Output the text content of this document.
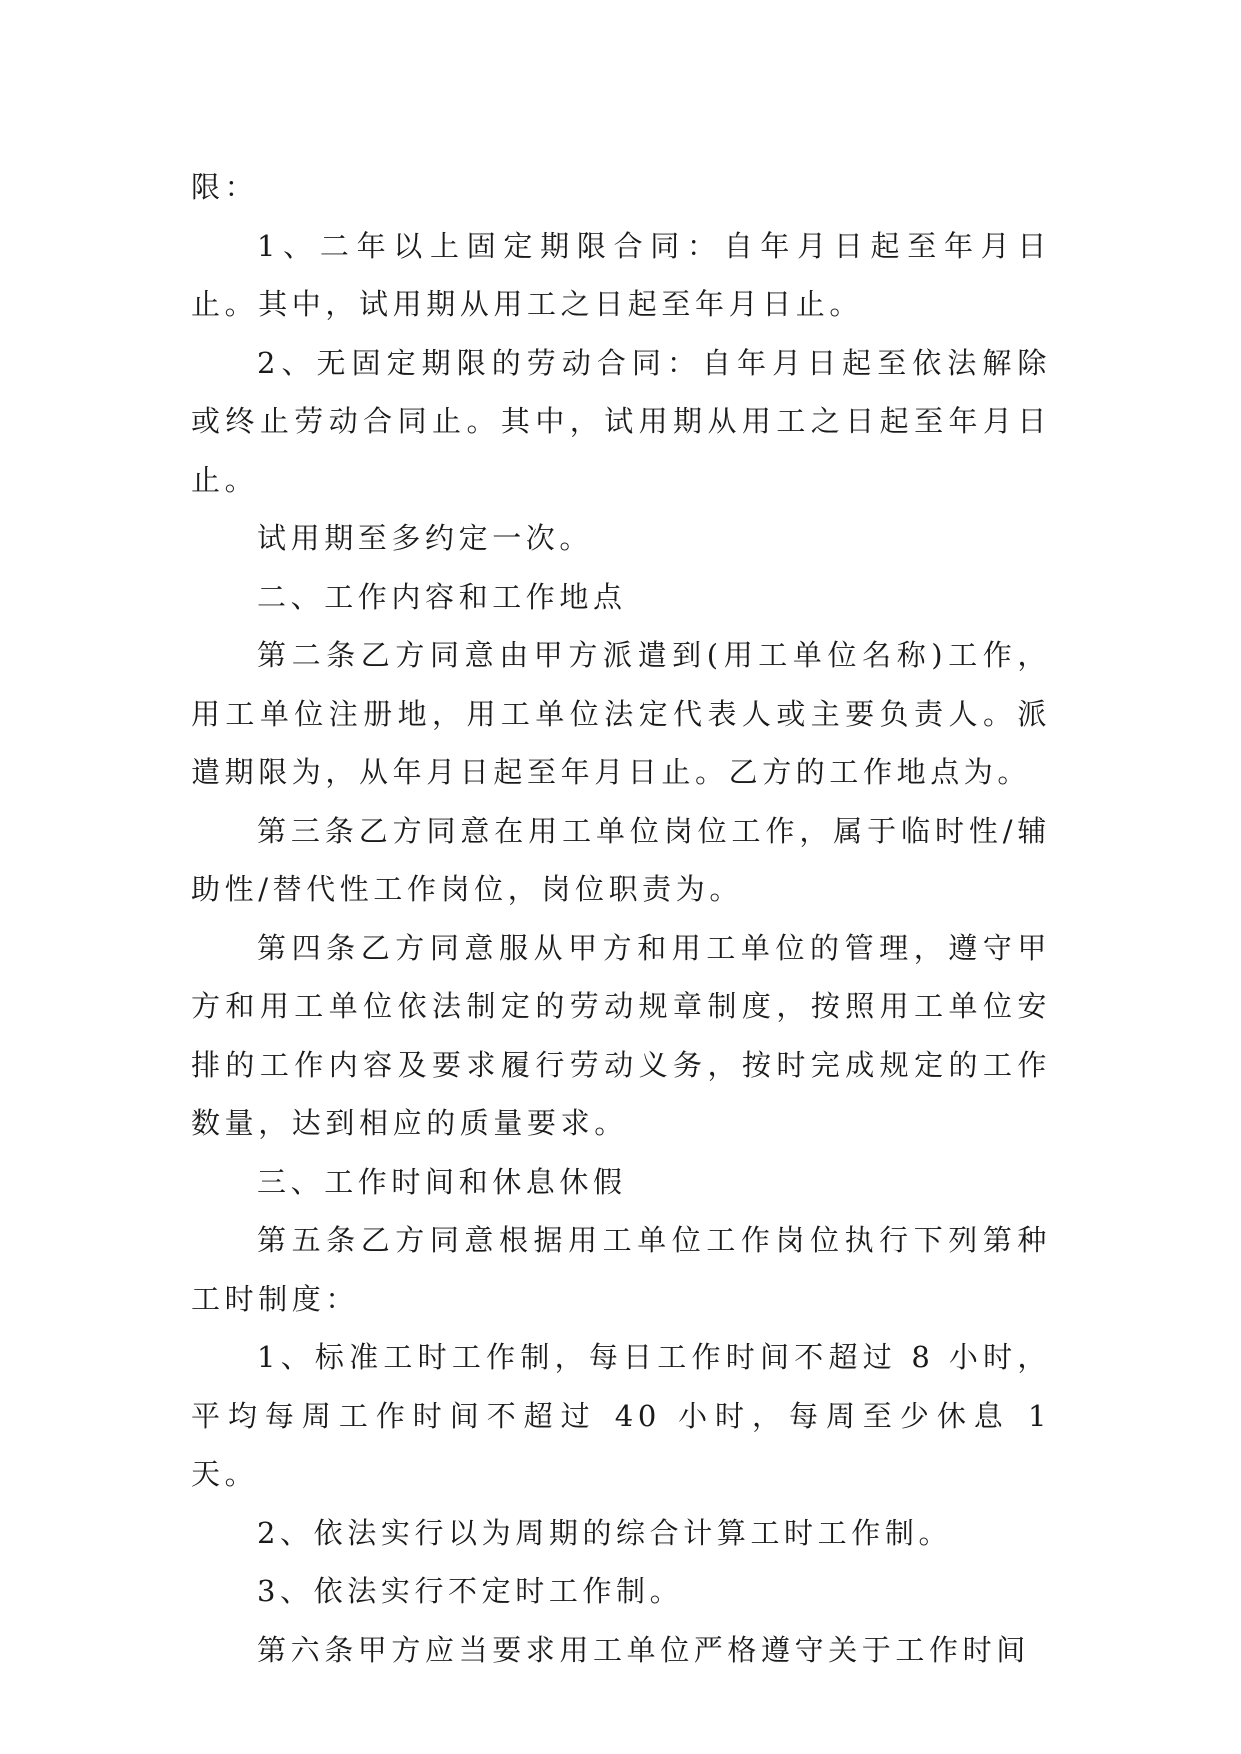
限：

1、二年以上固定期限合同：自年月日起至年月日止。其中，试用期从用工之日起至年月日止。

2、无固定期限的劳动合同：自年月日起至依法解除或终止劳动合同止。其中，试用期从用工之日起至年月日止。

试用期至多约定一次。

二、工作内容和工作地点

第二条乙方同意由甲方派遣到(用工单位名称)工作，用工单位注册地，用工单位法定代表人或主要负责人。派遣期限为，从年月日起至年月日止。乙方的工作地点为。

第三条乙方同意在用工单位岗位工作，属于临时性/辅助性/替代性工作岗位，岗位职责为。

第四条乙方同意服从甲方和用工单位的管理，遵守甲方和用工单位依法制定的劳动规章制度，按照用工单位安排的工作内容及要求履行劳动义务，按时完成规定的工作数量，达到相应的质量要求。

三、工作时间和休息休假

第五条乙方同意根据用工单位工作岗位执行下列第种工时制度：

1、标准工时工作制，每日工作时间不超过 8 小时，平均每周工作时间不超过 40 小时，每周至少休息 1 天。

2、依法实行以为周期的综合计算工时工作制。

3、依法实行不定时工作制。

第六条甲方应当要求用工单位严格遵守关于工作时间
